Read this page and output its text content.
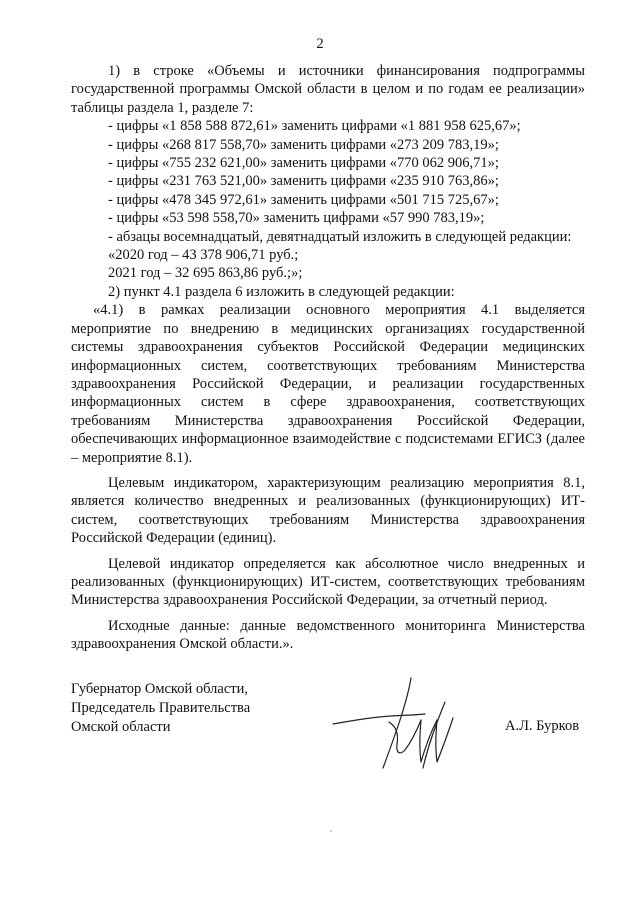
2

1) в строке «Объемы и источники финансирования подпрограммы государственной программы Омской области в целом и по годам ее реализации» таблицы раздела 1, разделе 7:

- цифры «1 858 588 872,61» заменить цифрами «1 881 958 625,67»;

- цифры «268 817 558,70» заменить цифрами «273 209 783,19»;

- цифры «755 232 621,00» заменить цифрами «770 062 906,71»;

- цифры «231 763 521,00» заменить цифрами «235 910 763,86»;

- цифры «478 345 972,61» заменить цифрами «501 715 725,67»;

- цифры «53 598 558,70» заменить цифрами «57 990 783,19»;

- абзацы восемнадцатый, девятнадцатый изложить в следующей редакции:

«2020 год – 43 378 906,71 руб.;

2021 год – 32 695 863,86 руб.;»;

2) пункт 4.1 раздела 6 изложить в следующей редакции:

«4.1) в рамках реализации основного мероприятия 4.1 выделяется мероприятие по внедрению в медицинских организациях государственной системы здравоохранения субъектов Российской Федерации медицинских информационных систем, соответствующих требованиям Министерства здравоохранения Российской Федерации, и реализации государственных информационных систем в сфере здравоохранения, соответствующих требованиям Министерства здравоохранения Российской Федерации, обеспечивающих информационное взаимодействие с подсистемами ЕГИСЗ (далее – мероприятие 8.1).

Целевым индикатором, характеризующим реализацию мероприятия 8.1, является количество внедренных и реализованных (функционирующих) ИТ-систем, соответствующих требованиям Министерства здравоохранения Российской Федерации (единиц).

Целевой индикатор определяется как абсолютное число внедренных и реализованных (функционирующих) ИТ-систем, соответствующих требованиям Министерства здравоохранения Российской Федерации, за отчетный период.

Исходные данные: данные ведомственного мониторинга Министерства здравоохранения Омской области.».

Губернатор Омской области,
Председатель Правительства
Омской области	А.Л. Бурков
